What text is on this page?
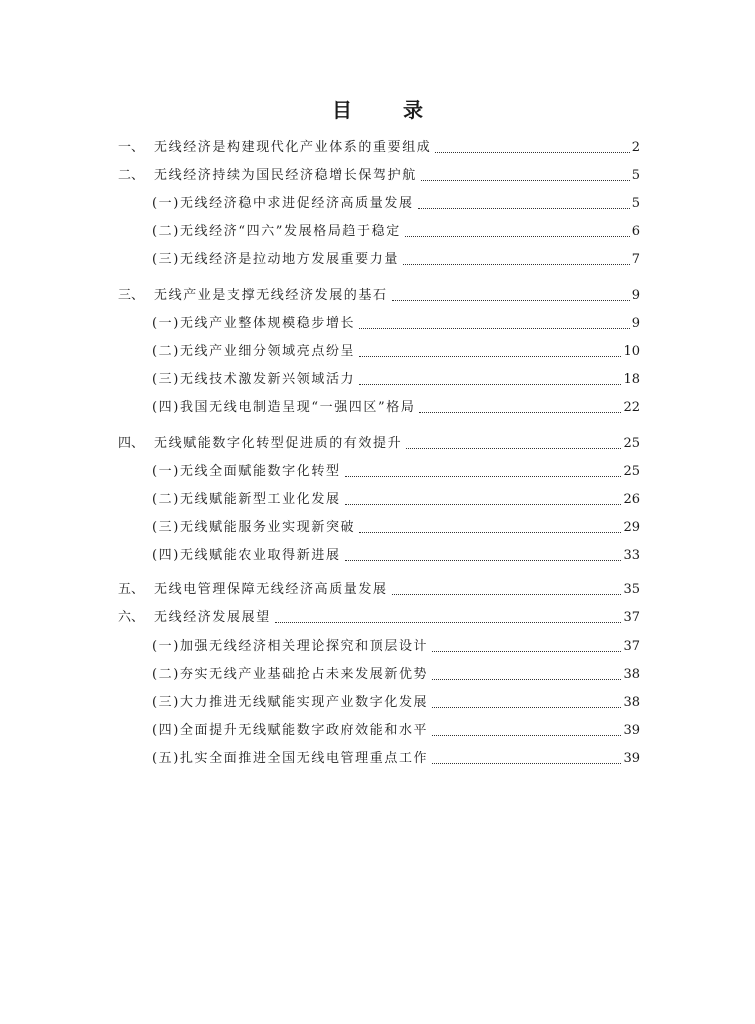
目 录
一、 无线经济是构建现代化产业体系的重要组成	2
二、 无线经济持续为国民经济稳增长保驾护航	5
(一)无线经济稳中求进促经济高质量发展	5
(二)无线经济“四六”发展格局趋于稳定	6
(三)无线经济是拉动地方发展重要力量	7
三、 无线产业是支撑无线经济发展的基石	9
(一)无线产业整体规模稳步增长	9
(二)无线产业细分领域亮点纷呈	10
(三)无线技术激发新兴领域活力	18
(四)我国无线电制造呈现“一强四区”格局	22
四、 无线赋能数字化转型促进质的有效提升	25
(一)无线全面赋能数字化转型	25
(二)无线赋能新型工业化发展	26
(三)无线赋能服务业实现新突破	29
(四)无线赋能农业取得新进展	33
五、 无线电管理保障无线经济高质量发展	35
六、 无线经济发展展望	37
(一)加强无线经济相关理论探究和顶层设计	37
(二)夯实无线产业基础抢占未来发展新优势	38
(三)大力推进无线赋能实现产业数字化发展	38
(四)全面提升无线赋能数字政府效能和水平	39
(五)扎实全面推进全国无线电管理重点工作	39
